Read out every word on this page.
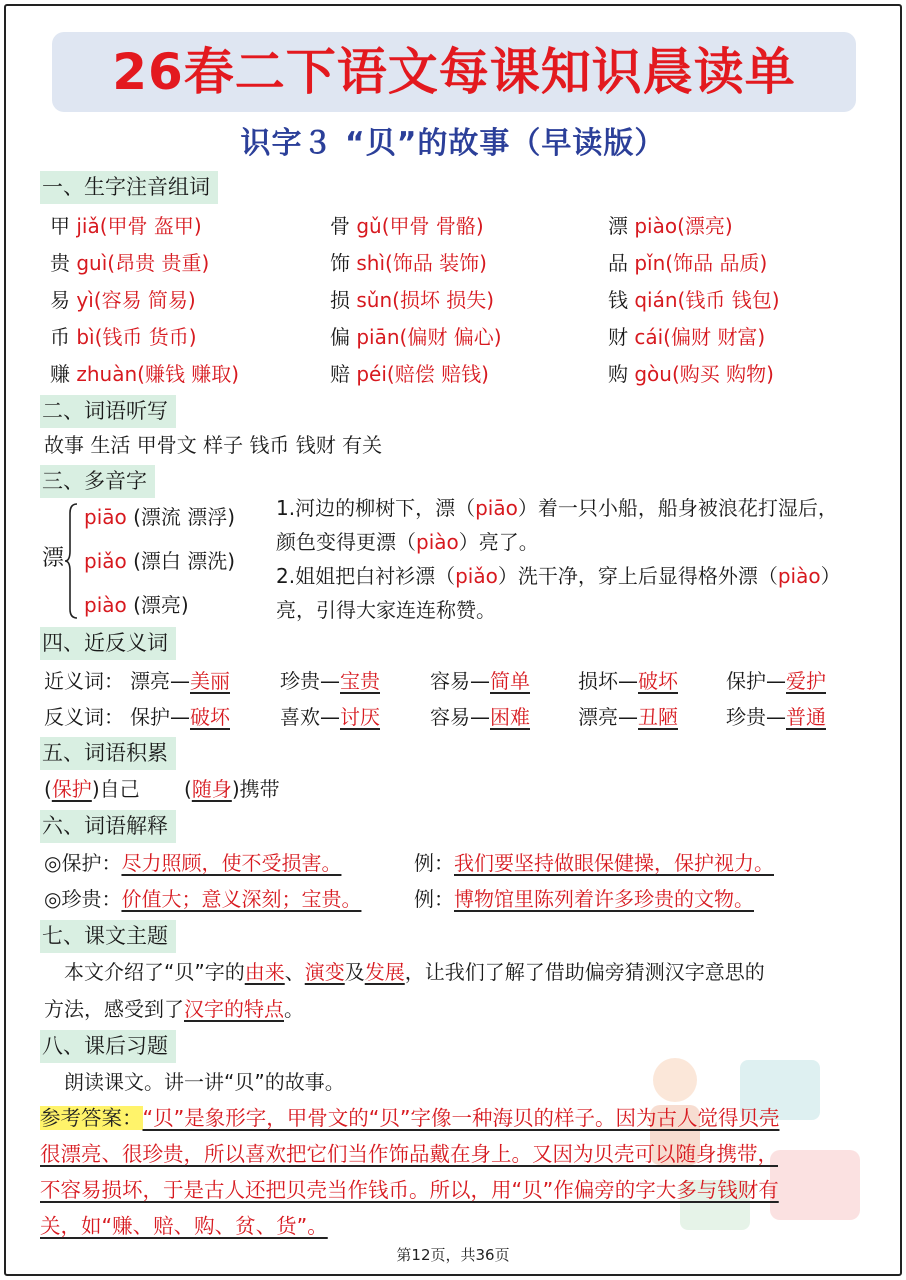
26春二下语文每课知识晨读单
识字３ “贝”的故事（早读版）
一、生字注音组词
甲 jiǎ(甲骨 盔甲)	骨 gǔ(甲骨 骨骼)	漂 piào(漂亮)
贵 guì(昂贵 贵重)	饰 shì(饰品 装饰)	品 pǐn(饰品 品质)
易 yì(容易 简易)	损 sǔn(损坏 损失)	钱 qián(钱币 钱包)
币 bì(钱币 货币)	偏 piān(偏财 偏心)	财 cái(偏财 财富)
赚 zhuàn(赚钱 赚取)	赔 péi(赔偿 赔钱)	购 gòu(购买 购物)
二、词语听写
故事 生活 甲骨文 样子 钱币 钱财 有关
三、多音字
漂
piāo (漂流 漂浮)
piǎo (漂白 漂洗)
piào (漂亮)
1.河边的柳树下，漂（piāo）着一只小船，船身被浪花打湿后，
颜色变得更漂（piào）亮了。
2.姐姐把白衬衫漂（piǎo）洗干净，穿上后显得格外漂（piào）
亮，引得大家连连称赞。
四、近反义词
近义词： 漂亮—美丽	珍贵—宝贵	容易—简单 损坏—破坏 保护—爱护
反义词： 保护—破坏	喜欢—讨厌	容易—困难 漂亮—丑陋 珍贵—普通
五、词语积累
(保护)自己 (随身)携带
六、词语解释
◎保护：尽力照顾，使不受损害。	例：我们要坚持做眼保健操，保护视力。
◎珍贵：价值大；意义深刻；宝贵。	例：博物馆里陈列着许多珍贵的文物。
七、课文主题
本文介绍了“贝”字的由来、演变及发展，让我们了解了借助偏旁猜测汉字意思的
方法，感受到了汉字的特点。
八、课后习题
朗读课文。讲一讲“贝”的故事。
参考答案：“贝”是象形字，甲骨文的“贝”字像一种海贝的样子。因为古人觉得贝壳
很漂亮、很珍贵，所以喜欢把它们当作饰品戴在身上。又因为贝壳可以随身携带，
不容易损坏，于是古人还把贝壳当作钱币。所以，用“贝”作偏旁的字大多与钱财有
关，如“赚、赔、购、贫、货”。
第12页，共36页
